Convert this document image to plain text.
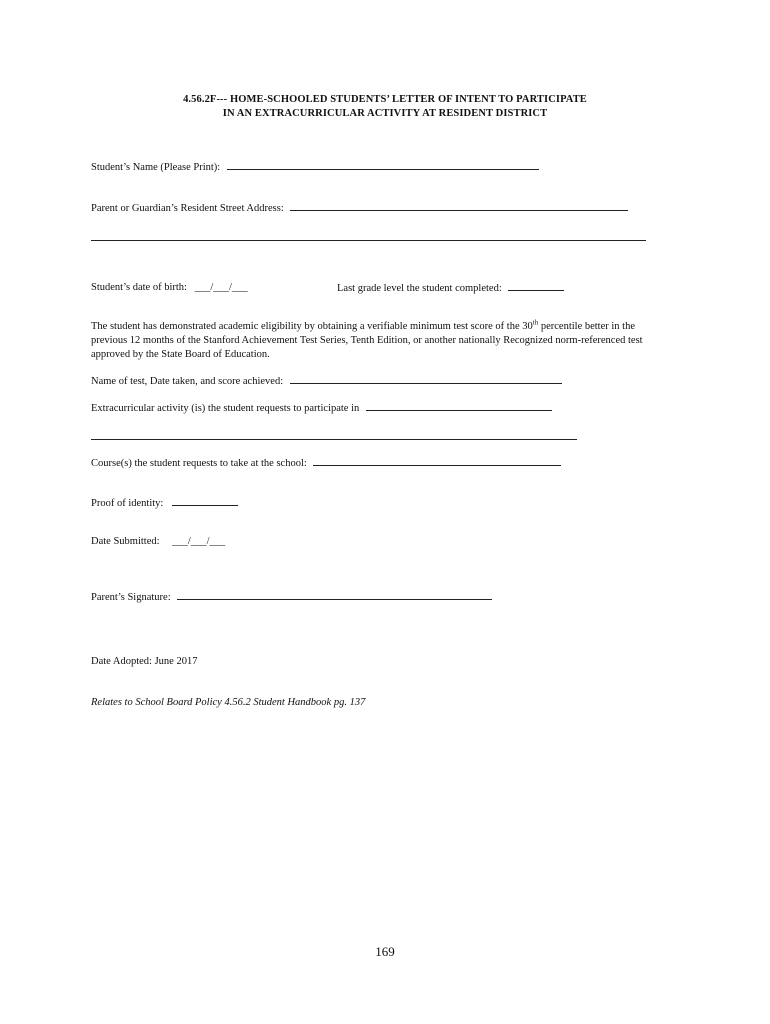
4.56.2F--- HOME-SCHOOLED STUDENTS’ LETTER OF INTENT TO PARTICIPATE
IN AN EXTRACURRICULAR ACTIVITY AT RESIDENT DISTRICT
Student’s Name (Please Print):
Parent or Guardian’s Resident Street Address:
Student’s date of birth: ___/___/___	Last grade level the student completed:
The student has demonstrated academic eligibility by obtaining a verifiable minimum test score of the 30th percentile better in the previous 12 months of the Stanford Achievement Test Series, Tenth Edition, or another nationally Recognized norm-referenced test approved by the State Board of Education.
Name of test, Date taken, and score achieved:
Extracurricular activity (is) the student requests to participate in
Course(s) the student requests to take at the school:
Proof of identity:
Date Submitted: ___/___/___
Parent’s Signature:
Date Adopted: June 2017
Relates to School Board Policy 4.56.2 Student Handbook pg. 137
169
